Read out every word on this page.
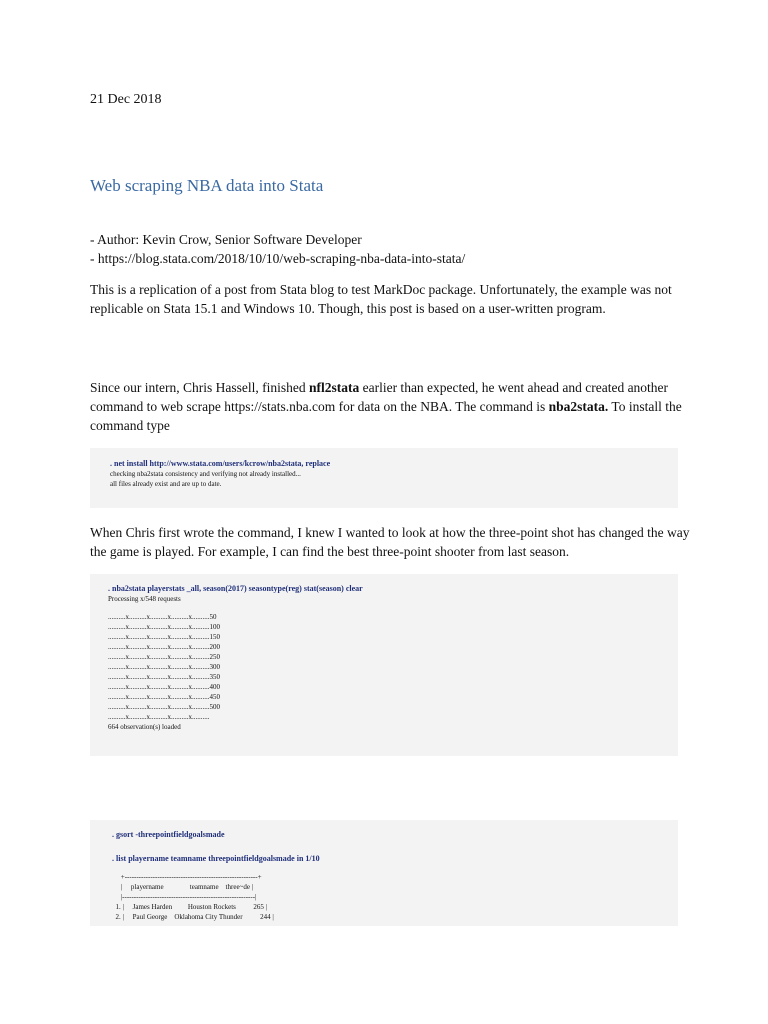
21 Dec 2018
Web scraping NBA data into Stata
- Author: Kevin Crow, Senior Software Developer
- https://blog.stata.com/2018/10/10/web-scraping-nba-data-into-stata/

This is a replication of a post from Stata blog to test MarkDoc package. Unfortunately, the example was not replicable on Stata 15.1 and Windows 10. Though, this post is based on a user-written program.

Since our intern, Chris Hassell, finished nfl2stata earlier than expected, he went ahead and created another command to web scrape https://stats.nba.com for data on the NBA. The command is nba2stata. To install the command type

. net install http://www.stata.com/users/kcrow/nba2stata, replace
checking nba2stata consistency and verifying not already installed...
all files already exist and are up to date.

When Chris first wrote the command, I knew I wanted to look at how the three-point shot has changed the way the game is played. For example, I can find the best three-point shooter from last season.

. nba2stata playerstats _all, season(2017) seasontype(reg) stat(season) clear
Processing x/548 requests
..........x..........x..........x..........x..........50
..........x..........x..........x..........x..........100
..........x..........x..........x..........x..........150
..........x..........x..........x..........x..........200
..........x..........x..........x..........x..........250
..........x..........x..........x..........x..........300
..........x..........x..........x..........x..........350
..........x..........x..........x..........x..........400
..........x..........x..........x..........x..........450
..........x..........x..........x..........x..........500
..........x..........x..........x..........x..........
664 observation(s) loaded
. gsort -threepointfieldgoalsmade
. list playername teamname threepointfieldgoalsmade in 1/10
+---------------------------------------------------------+
|     playername               teamname    three~de |
|---------------------------------------------------------|
1. |     James Harden         Houston Rockets          265 |
2. |     Paul George    Oklahoma City Thunder          244 |
